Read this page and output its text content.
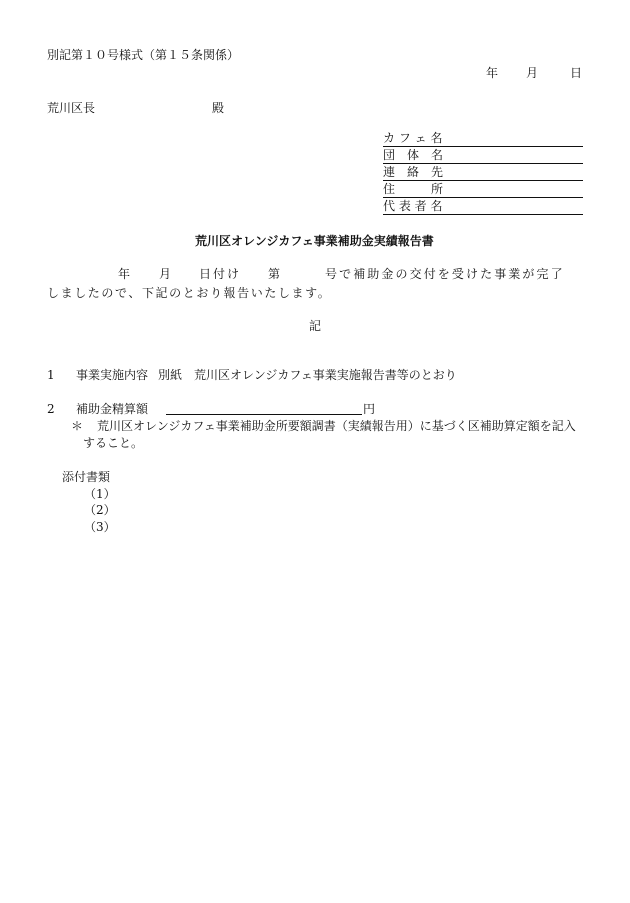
別記第１０号様式（第１５条関係）
年 月	日
荒川区長	殿
カ フ ェ 名
団　体　名
連　絡　先
住　　　所
代 表 者 名
荒川区オレンジカフェ事業補助金実績報告書
年 月 日付け 第	号で補助金の交付を受けた事業が完了
しましたので、下記のとおり報告いたします。
記
1 事業実施内容 別紙　荒川区オレンジカフェ事業実施報告書等のとおり
2 補助金精算額	円
＊ 荒川区オレンジカフェ事業補助金所要額調書（実績報告用）に基づく区補助算定額を記入
すること。
添付書類
（1）
（2）
（3）
